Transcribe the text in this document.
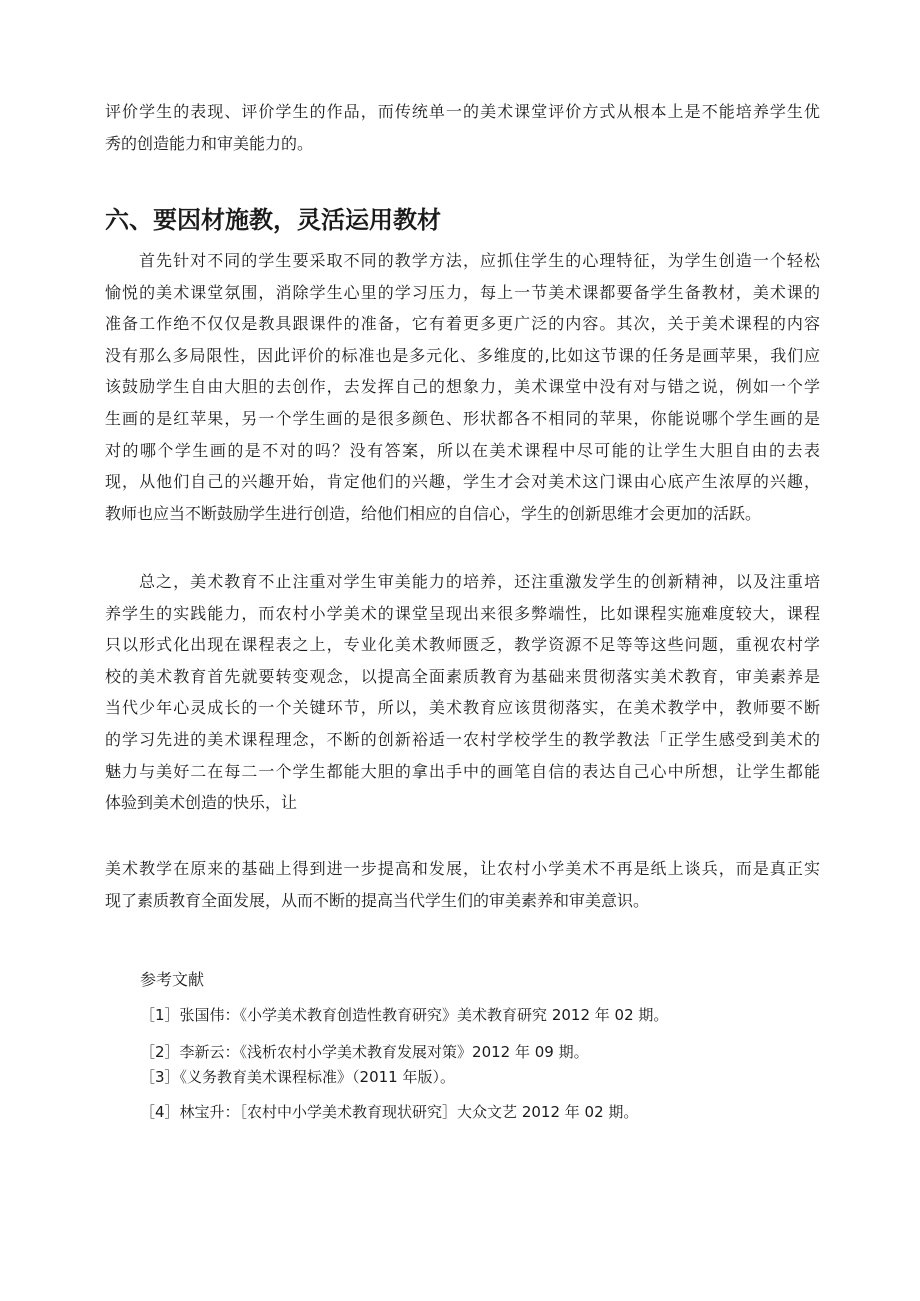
评价学生的表现、评价学生的作品，而传统单一的美术课堂评价方式从根本上是不能培养学生优
秀的创造能力和审美能力的。

六、要因材施教，灵活运用教材

首先针对不同的学生要采取不同的教学方法，应抓住学生的心理特征，为学生创造一个轻松
愉悦的美术课堂氛围，消除学生心里的学习压力，每上一节美术课都要备学生备教材，美术课的
准备工作绝不仅仅是教具跟课件的准备，它有着更多更广泛的内容。其次，关于美术课程的内容
没有那么多局限性，因此评价的标准也是多元化、多维度的,比如这节课的任务是画苹果，我们应
该鼓励学生自由大胆的去创作，去发挥自己的想象力，美术课堂中没有对与错之说，例如一个学
生画的是红苹果，另一个学生画的是很多颜色、形状都各不相同的苹果，你能说哪个学生画的是
对的哪个学生画的是不对的吗？没有答案，所以在美术课程中尽可能的让学生大胆自由的去表
现，从他们自己的兴趣开始，肯定他们的兴趣，学生才会对美术这门课由心底产生浓厚的兴趣，
教师也应当不断鼓励学生进行创造，给他们相应的自信心，学生的创新思维才会更加的活跃。

总之，美术教育不止注重对学生审美能力的培养，还注重激发学生的创新精神，以及注重培
养学生的实践能力，而农村小学美术的课堂呈现出来很多弊端性，比如课程实施难度较大，课程
只以形式化出现在课程表之上，专业化美术教师匮乏，教学资源不足等等这些问题，重视农村学
校的美术教育首先就要转变观念，以提高全面素质教育为基础来贯彻落实美术教育，审美素养是
当代少年心灵成长的一个关键环节，所以，美术教育应该贯彻落实，在美术教学中，教师要不断
的学习先进的美术课程理念，不断的创新裕适一农村学校学生的教学教法「正学生感受到美术的
魅力与美好二在每二一个学生都能大胆的拿出手中的画笔自信的表达自己心中所想，让学生都能
体验到美术创造的快乐，让

美术教学在原来的基础上得到进一步提高和发展，让农村小学美术不再是纸上谈兵，而是真正实
现了素质教育全面发展，从而不断的提高当代学生们的审美素养和审美意识。

参考文献
［1］张国伟：《小学美术教育创造性教育研究》美术教育研究 2012 年 02 期。
［2］李新云：《浅析农村小学美术教育发展对策》2012 年 09 期。
［3］《义务教育美术课程标准》（2011 年版）。
［4］林宝升：［农村中小学美术教育现状研究］大众文艺 2012 年 02 期。
